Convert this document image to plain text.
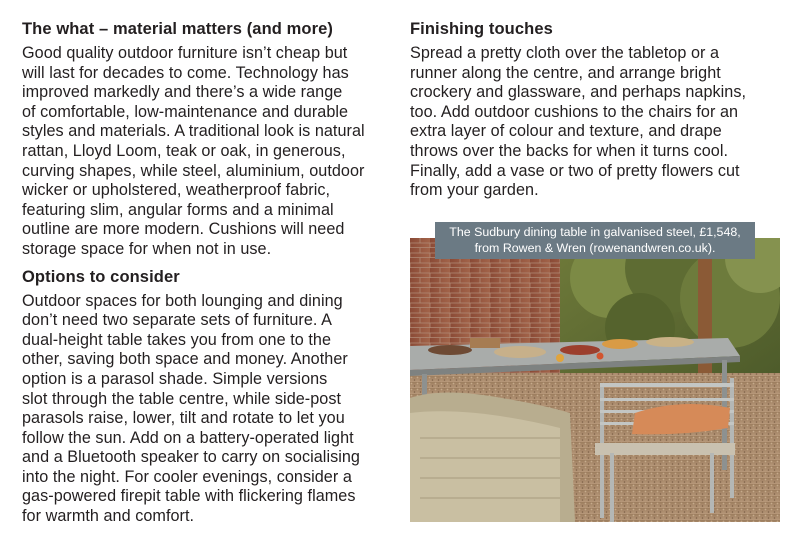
The what – material matters (and more)

Good quality outdoor furniture isn’t cheap but
will last for decades to come. Technology has
improved markedly and there’s a wide range
of comfortable, low-maintenance and durable
styles and materials. A traditional look is natural
rattan, Lloyd Loom, teak or oak, in generous,
curving shapes, while steel, aluminium, outdoor
wicker or upholstered, weatherproof fabric,
featuring slim, angular forms and a minimal
outline are more modern. Cushions will need
storage space for when not in use.

Options to consider

Outdoor spaces for both lounging and dining
don’t need two separate sets of furniture. A
dual-height table takes you from one to the
other, saving both space and money. Another
option is a parasol shade. Simple versions
slot through the table centre, while side-post
parasols raise, lower, tilt and rotate to let you
follow the sun. Add on a battery-operated light
and a Bluetooth speaker to carry on socialising
into the night. For cooler evenings, consider a
gas-powered firepit table with flickering flames
for warmth and comfort.

Finishing touches

Spread a pretty cloth over the tabletop or a
runner along the centre, and arrange bright
crockery and glassware, and perhaps napkins,
too. Add outdoor cushions to the chairs for an
extra layer of colour and texture, and drape
throws over the backs for when it turns cool.
Finally, add a vase or two of pretty flowers cut
from your garden.

The Sudbury dining table in galvanised steel, £1,548,
from Rowen & Wren (rowenandwren.co.uk).
